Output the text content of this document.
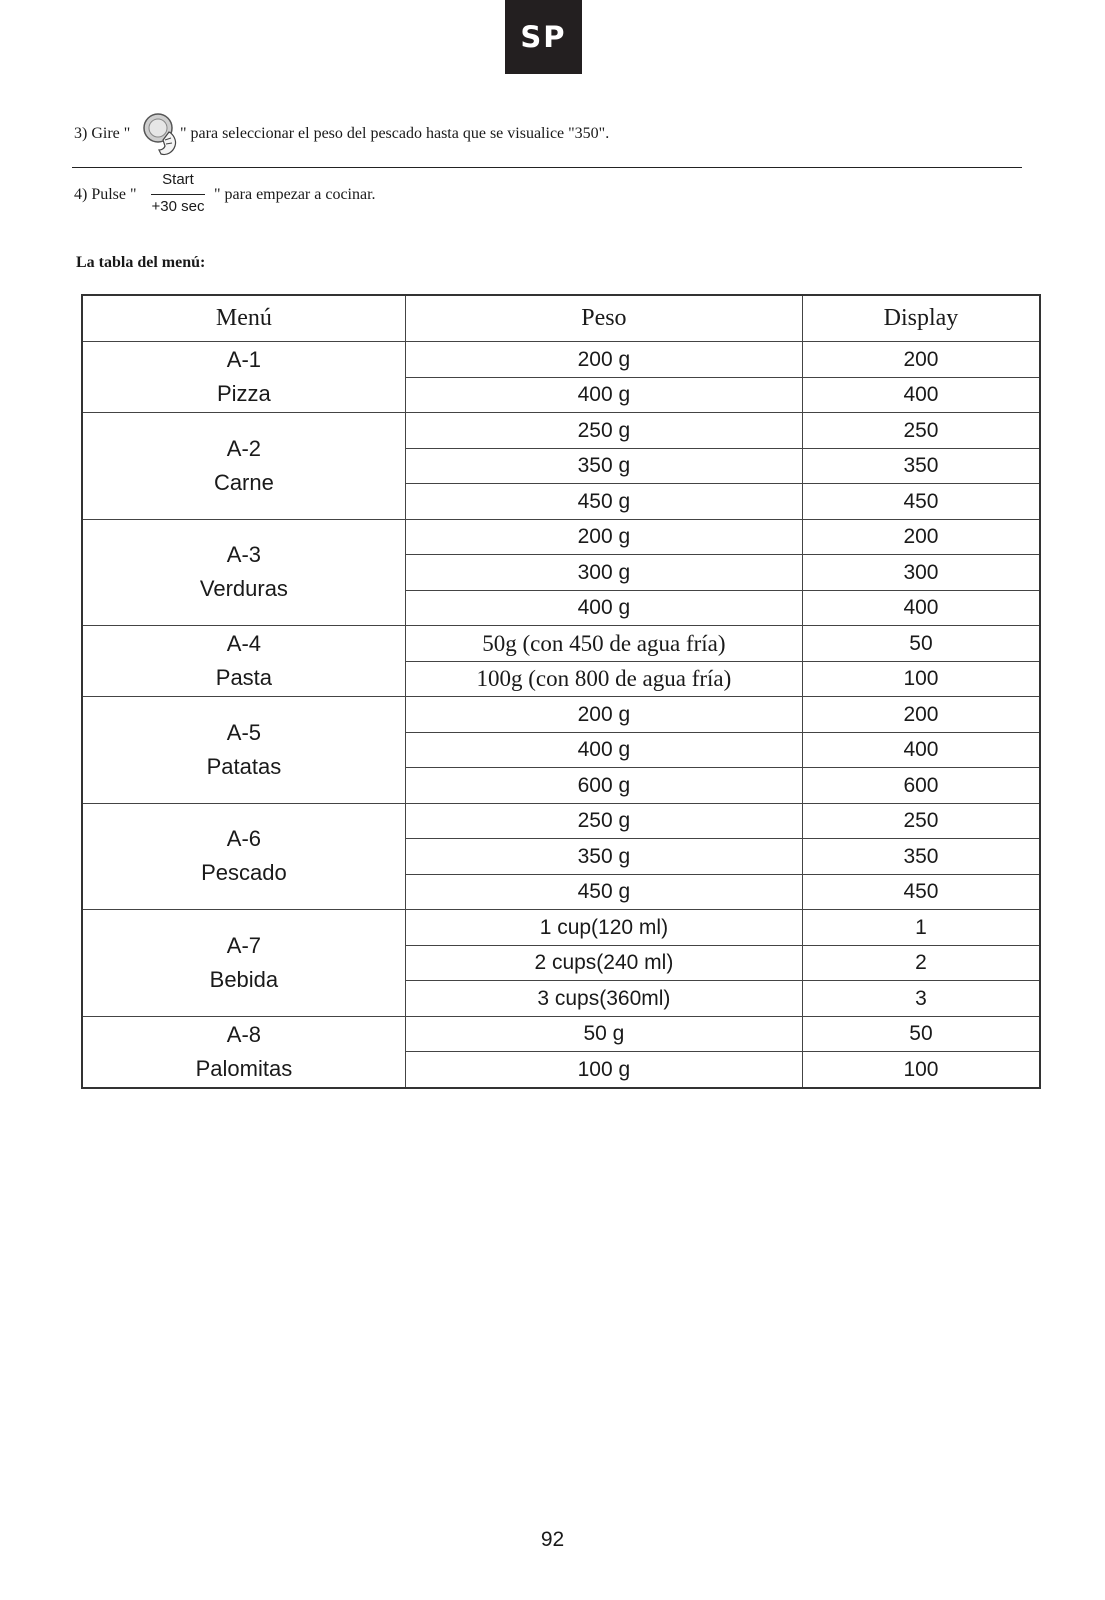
SP
3) Gire "	" para seleccionar el peso del pescado hasta que se visualice "350".
4) Pulse "
Start
+30 sec
" para empezar a cocinar.
La tabla del menú:
Menú	Peso	Display

A-1
Pizza	200 g	200
	400 g	400

A-2
Carne	250 g	250
	350 g	350
	450 g	450

A-3
Verduras	200 g	200
	300 g	300
	400 g	400

A-4
Pasta	50g (con 450 de agua fría)	50
	100g (con 800 de agua fría)	100

A-5
Patatas	200 g	200
	400 g	400
	600 g	600

A-6
Pescado	250 g	250
	350 g	350
	450 g	450

A-7
Bebida	1 cup(120 ml)	1
	2 cups(240 ml)	2
	3 cups(360ml)	3

A-8
Palomitas	50 g	50
	100 g	100
92
